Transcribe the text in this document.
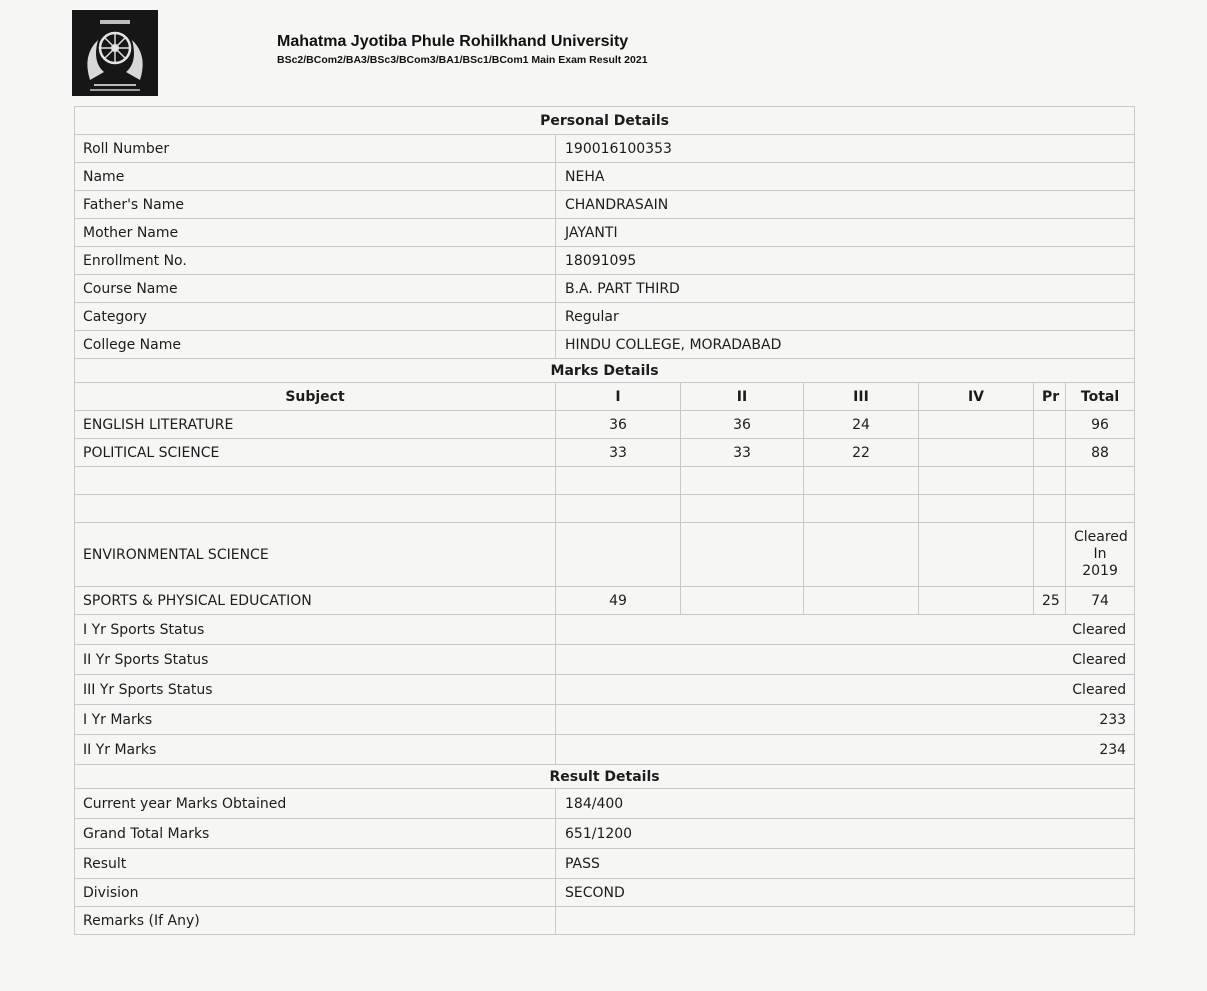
Mahatma Jyotiba Phule Rohilkhand University
BSc2/BCom2/BA3/BSc3/BCom3/BA1/BSc1/BCom1 Main Exam Result 2021
Personal Details						
Roll Number	190016100353					
Name	NEHA					
Father's Name	CHANDRASAIN					
Mother Name	JAYANTI					
Enrollment No.	18091095					
Course Name	B.A. PART THIRD					
Category	Regular					
College Name	HINDU COLLEGE, MORADABAD					
Marks Details						
Subject	I	II	III	IV	Pr	Total
ENGLISH LITERATURE	36	36	24			96
POLITICAL SCIENCE	33	33	22			88

ENVIRONMENTAL SCIENCE						Cleared In 2019
SPORTS & PHYSICAL EDUCATION	49				25	74
I Yr Sports Status	Cleared					
II Yr Sports Status	Cleared					
III Yr Sports Status	Cleared					
I Yr Marks	233					
II Yr Marks	234					
Result Details						
Current year Marks Obtained	184/400					
Grand Total Marks	651/1200					
Result	PASS					
Division	SECOND					
Remarks (If Any)						
